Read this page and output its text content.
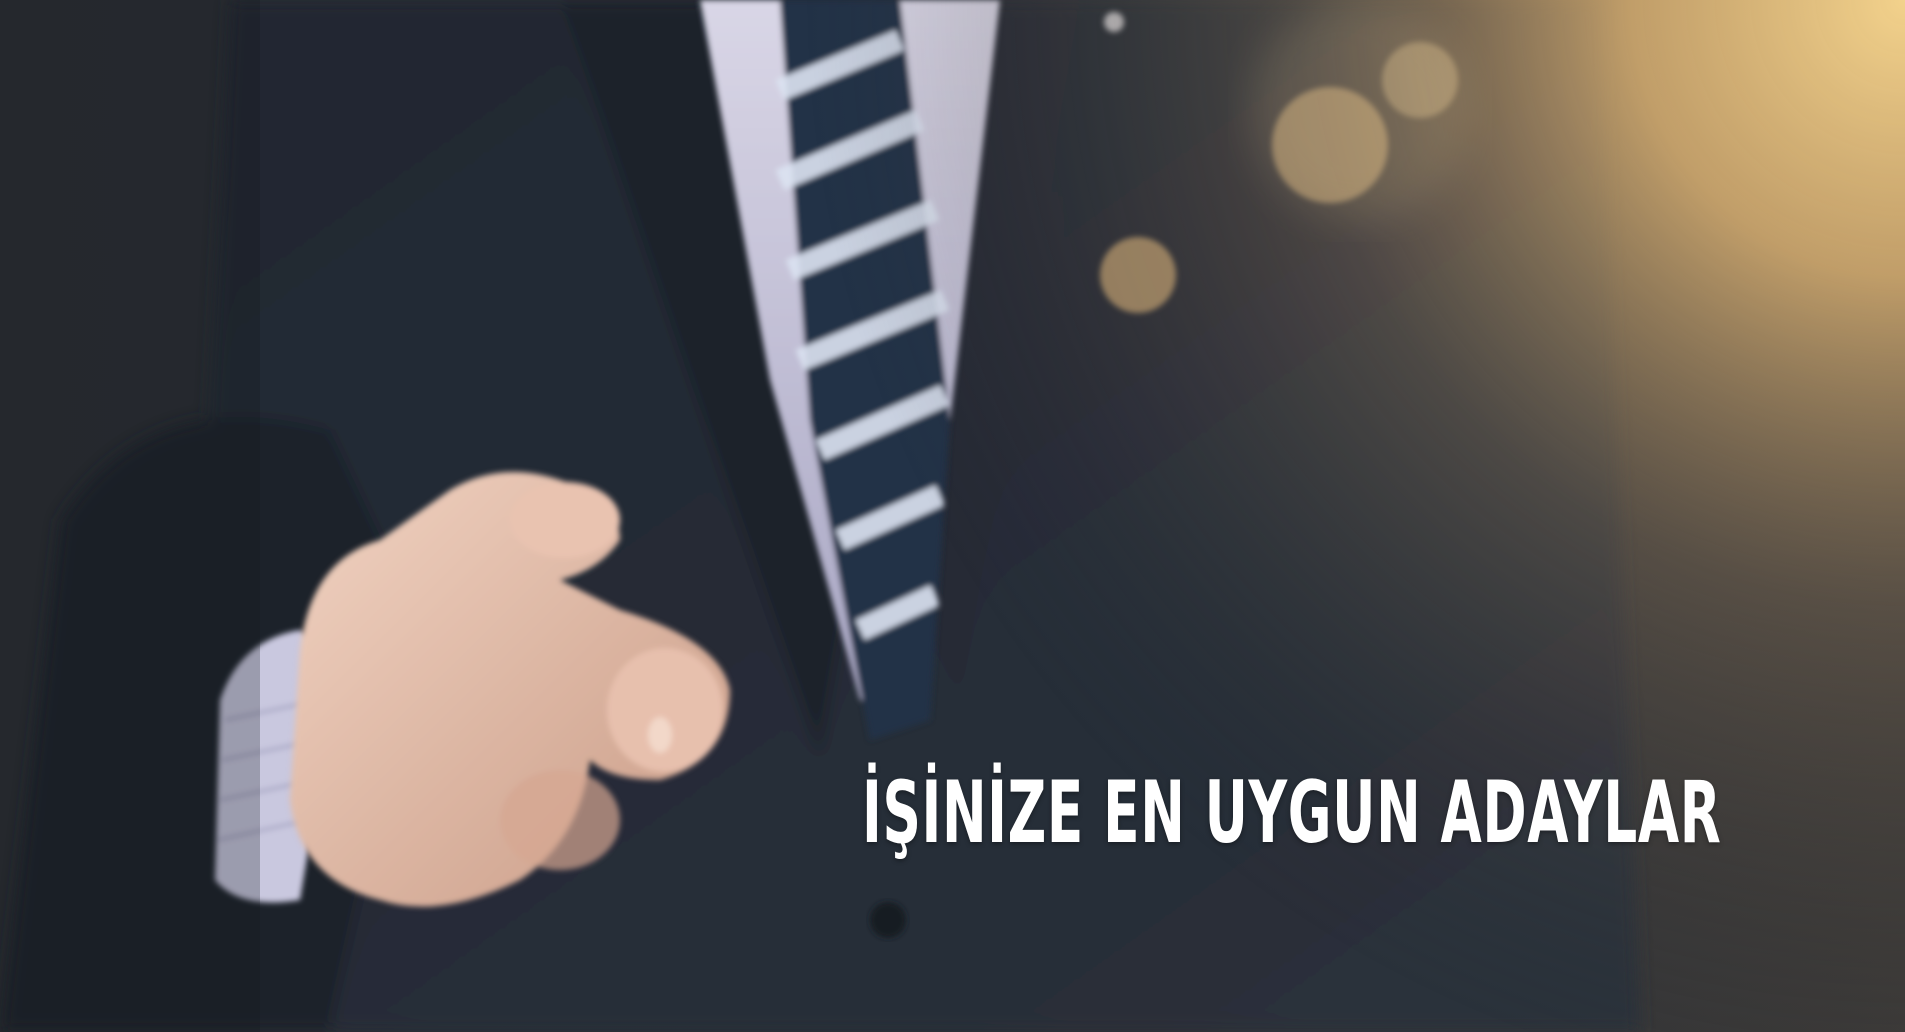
İŞİNİZE EN UYGUN ADAYLAR
